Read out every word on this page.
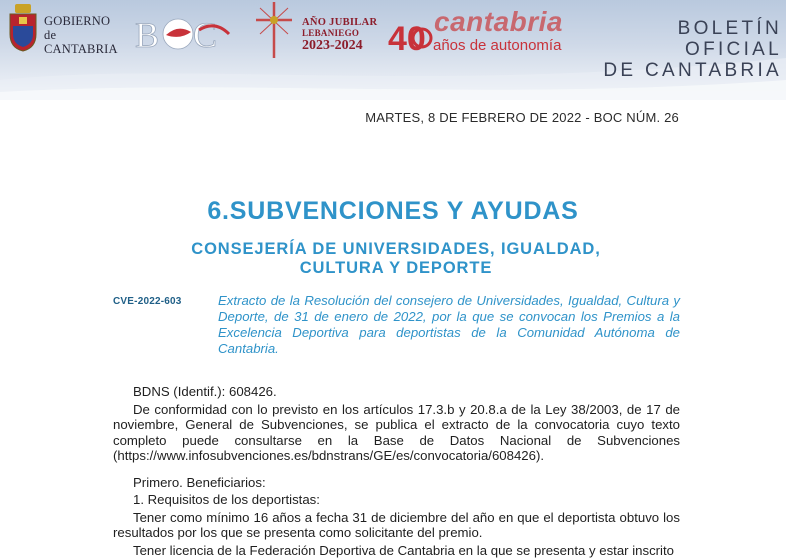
GOBIERNO
de
CANTABRIA B C
BOC
AÑO JUBILAR
LEBANIEGO
2023-2024 40 cantabria
años de autonomía
BOLETÍN OFICIAL
DE CANTABRIA
MARTES, 8 DE FEBRERO DE 2022 - BOC NÚM. 26
6.SUBVENCIONES Y AYUDAS
CONSEJERÍA DE UNIVERSIDADES, IGUALDAD,
CULTURA Y DEPORTE
CVE-2022-603	Extracto de la Resolución del consejero de Universidades, Igualdad, Cultura y Deporte, de 31 de enero de 2022, por la que se convocan los Premios a la Excelencia Deportiva para deportistas de la Comunidad Autónoma de Cantabria.

BDNS (Identif.): 608426.

De conformidad con lo previsto en los artículos 17.3.b y 20.8.a de la Ley 38/2003, de 17 de noviembre, General de Subvenciones, se publica el extracto de la convocatoria cuyo texto completo puede consultarse en la Base de Datos Nacional de Subvenciones (https://www.infosubvenciones.es/bdnstrans/GE/es/convocatoria/608426).

Primero. Beneficiarios:

1. Requisitos de los deportistas:

Tener como mínimo 16 años a fecha 31 de diciembre del año en que el deportista obtuvo los resultados por los que se presenta como solicitante del premio.

Tener licencia de la Federación Deportiva de Cantabria en la que se presenta y estar inscrito
